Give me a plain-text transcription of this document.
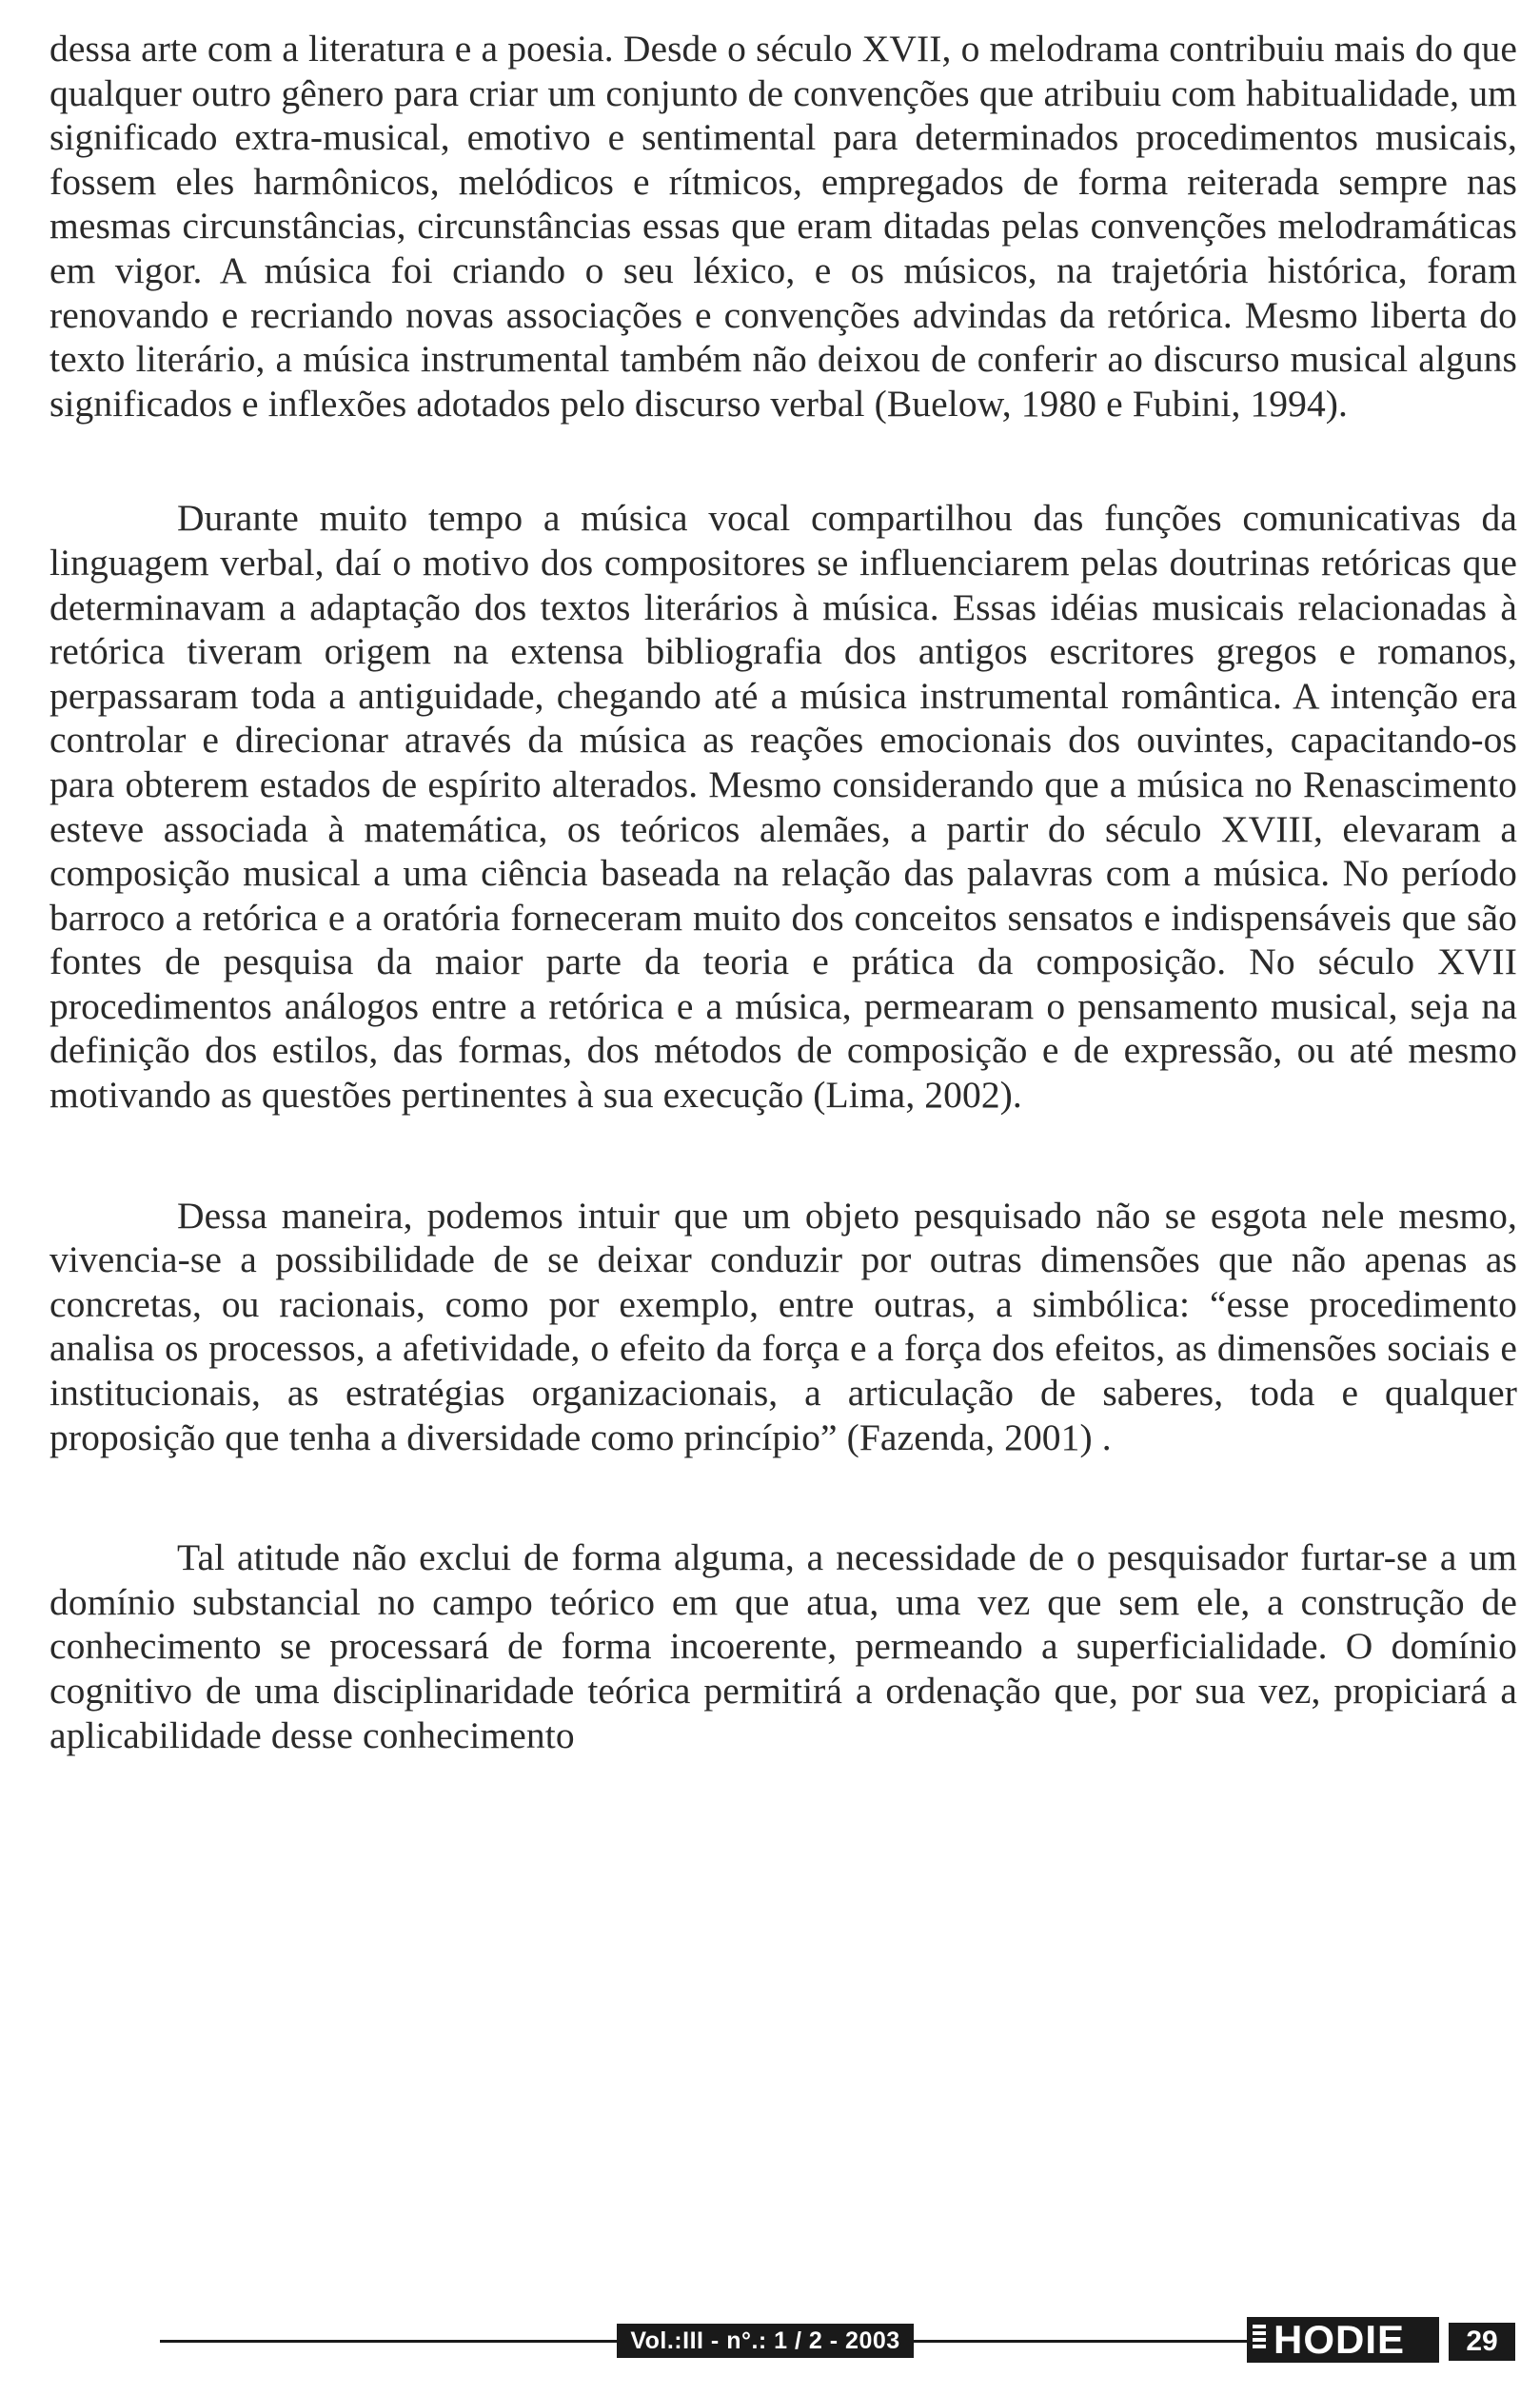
dessa arte com a literatura e a poesia. Desde o século XVII, o melodrama contribuiu mais do que qualquer outro gênero para criar um conjunto de convenções que atribuiu com habitualidade, um significado extra-musical, emotivo e sentimental para determinados procedimentos musicais, fossem eles harmônicos, melódicos e rítmicos, empregados de forma reiterada sempre nas mesmas circunstâncias, circunstâncias essas que eram ditadas pelas convenções melodramáticas em vigor. A música foi criando o seu léxico, e os músicos, na trajetória histórica, foram renovando e recriando novas associações e convenções advindas da retórica. Mesmo liberta do texto literário, a música instrumental também não deixou de conferir ao discurso musical alguns significados e inflexões adotados pelo discurso verbal (Buelow, 1980 e Fubini, 1994).

Durante muito tempo a música vocal compartilhou das funções comunicativas da linguagem verbal, daí o motivo dos compositores se influenciarem pelas doutrinas retóricas que determinavam a adaptação dos textos literários à música. Essas idéias musicais relacionadas à retórica tiveram origem na extensa bibliografia dos antigos escritores gregos e romanos, perpassaram toda a antiguidade, chegando até a música instrumental romântica. A intenção era controlar e direcionar através da música as reações emocionais dos ouvintes, capacitando-os para obterem estados de espírito alterados. Mesmo considerando que a música no Renascimento esteve associada à matemática, os teóricos alemães, a partir do século XVIII, elevaram a composição musical a uma ciência baseada na relação das palavras com a música. No período barroco a retórica e a oratória forneceram muito dos conceitos sensatos e indispensáveis que são fontes de pesquisa da maior parte da teoria e prática da composição. No século XVII procedimentos análogos entre a retórica e a música, permearam o pensamento musical, seja na definição dos estilos, das formas, dos métodos de composição e de expressão, ou até mesmo motivando as questões pertinentes à sua execução (Lima, 2002).

Dessa maneira, podemos intuir que um objeto pesquisado não se esgota nele mesmo, vivencia-se a possibilidade de se deixar conduzir por outras dimensões que não apenas as concretas, ou racionais, como por exemplo, entre outras, a simbólica: “esse procedimento analisa os processos, a afetividade, o efeito da força e a força dos efeitos, as dimensões sociais e institucionais, as estratégias organizacionais, a articulação de saberes, toda e qualquer proposição que tenha a diversidade como princípio” (Fazenda, 2001) .

Tal atitude não exclui de forma alguma, a necessidade de o pesquisador furtar-se a um domínio substancial no campo teórico em que atua, uma vez que sem ele, a construção de conhecimento se processará de forma incoerente, permeando a superficialidade. O domínio cognitivo de uma disciplinaridade teórica permitirá a ordenação que, por sua vez, propiciará a aplicabilidade desse conhecimento

Vol.:III - n°.: 1 / 2 - 2003	HODIE	29
